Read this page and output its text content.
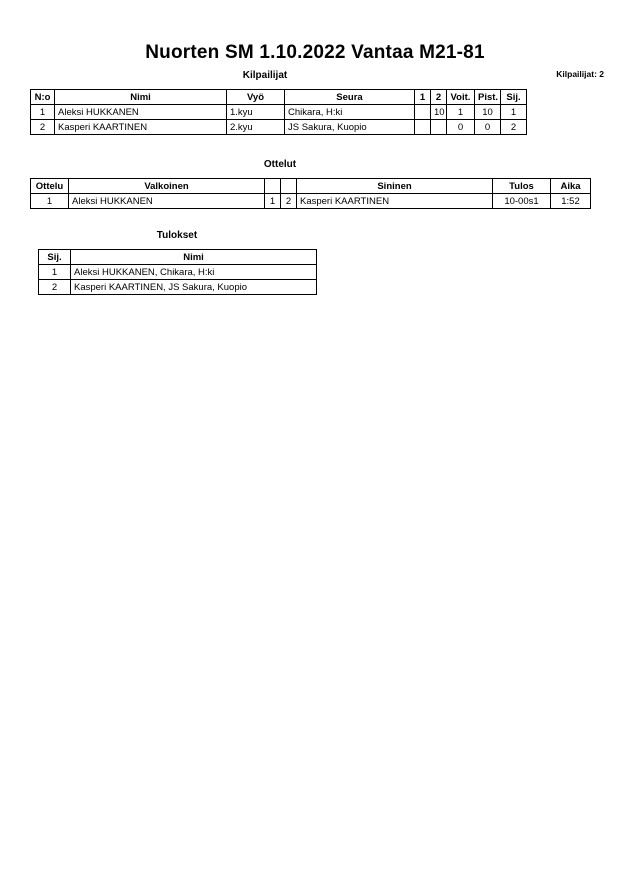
Nuorten SM 1.10.2022 Vantaa M21-81
Kilpailijat: 2
Kilpailijat
N:o	Nimi	Vyö	Seura	1	2	Voit.	Pist.	Sij.
1	Aleksi HUKKANEN	1.kyu	Chikara, H:ki		10	1	10	1
2	Kasperi KAARTINEN	2.kyu	JS Sakura, Kuopio			0	0	2
Ottelut
Ottelu	Valkoinen			Sininen	Tulos	Aika
1	Aleksi HUKKANEN	1	2	Kasperi KAARTINEN	10-00s1	1:52
Tulokset
Sij.	Nimi
1	Aleksi HUKKANEN, Chikara, H:ki
2	Kasperi KAARTINEN, JS Sakura, Kuopio
